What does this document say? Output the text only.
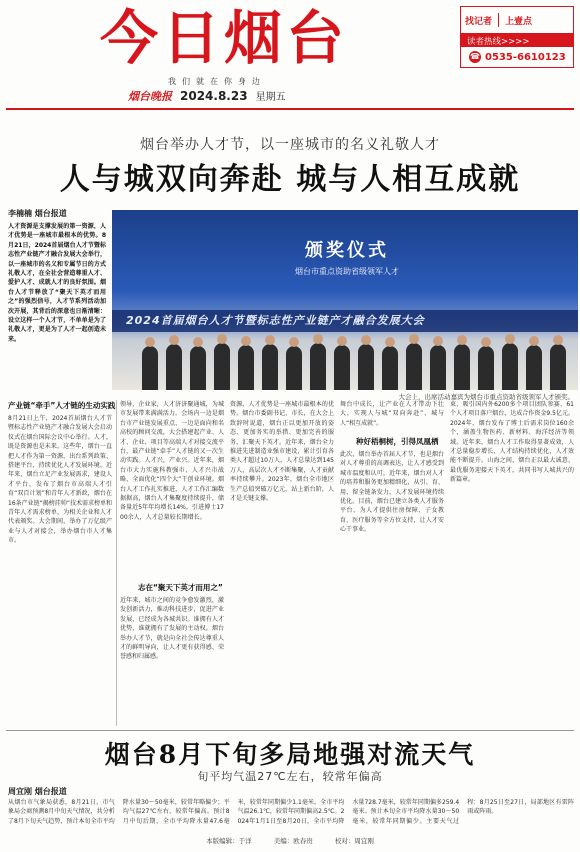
今日烟台
我们就在你身边
烟台晚报 2024.8.23 星期五
找记者 上壹点
读者热线>>>>
☎ 0535-6610123
烟台举办人才节，以一座城市的名义礼敬人才
人与城双向奔赴 城与人相互成就
李楠楠 烟台报道
人才资源是支撑发展的第一资源，人才优势是一座城市最根本的优势。8月21日，2024首届烟台人才节暨标志性产业链产才融合发展大会举行，以一座城市的名义和专属节日的方式礼敬人才，在全社会营造尊重人才、爱护人才、成就人才的良好氛围。烟台人才节释放了“聚天下英才而用之”的强烈信号，人才节系列活动加次开展，其背后的深意也日渐清晰：设立这样一个人才节，不单单是为了礼敬人才，更是为了人才一起创造未来。
颁奖仪式
烟台市重点资助省级领军人才
2024首届烟台人才节暨标志性产业链产才融合发展大会
大会上，出席活动嘉宾为烟台市重点资助省级领军人才颁奖。
产业链“牵手”人才链的生动实践
8月21日上午，2024首届烟台人才节暨标志性产业链产才融合发展大会启动仪式在烟台国际会议中心举行。人才，既是资源也是未来。这些年，烟台一直把人才作为第一资源，出台系列政策、搭建平台，持续优化人才发展环境。近年来，烟台立足产业发展需求，建设人才平台，发布了烟台市高端人才引育“双百计划”和青年人才新政，烟台在16条产业链“揭榜挂帅”技术需求榜单和青年人才需求榜单，为相关企业和人才代表颁奖。大会期间，举办了万亿级产业与人才对接会，举办烟台市人才集市。
领导，企业家，人才济济聚通城，为城市发展带来满满活力。会场内一边是烟台市产业链发展重点、一边是面向和名高校的顾问交流，大会搭建起产业、人才、企业、项目等高端人才对接交流平台，最产业链“牵手”人才链的又一次生动实践。人才兴，产业兴。近年来，烟台市大力实施科教强市、人才兴市战略，全面优化“四个大”干创业环境。烟台人才工作扎实推进，人才工作汇编数据据高，烟台人才集聚度持续提升，储备量近5年年均增长14%，引进博士1700余人，人才总量较长期增长。
志在“聚天下英才而用之”
近年来，城市之间的竞争愈发激烈，激发创新活力，推动科技进步，促进产业发展，已经成为各城共识。谁拥有人才优势，谁就拥有了发展的主动权。烟台举办人才节，就是向全社会传达尊重人才的鲜明导向，让人才更有获得感、荣誉感和归属感。
资源，人才优势是一座城市最根本的优势。烟台市委副书记、市长，在大会上致辞时说道，烟台正以更加开放的姿态、更加务实的举措、更加完善的服务，汇聚天下英才。近年来，烟台全力推进先进制造业强市建设，累计引育各类人才超过10万人，人才总量达到145万人，高层次人才不断集聚，人才贡献率持续攀升。2023年，烟台全市地区生产总值突破万亿元，站上新台阶，人才是关键支撑。
舞台中成长，让产业在人才带动下壮大，实现人与城“双向奔赴”、城与人“相互成就”。
种好梧桐树，引得凤凰栖
此次，烟台举办首届人才节，也是烟台对人才尊重的高调表达，让人才感受到城市温度和认可。近年来，烟台对人才的培养和服务更加精细化，从引、育、用、留全链条发力，人才发展环境持续优化。目前，烟台已建立各类人才服务平台，为人才提供住房保障、子女教育、医疗服务等全方位支持，让人才安心干事业。
束，吸引国内外6200多个项目团队参赛，61个人才项目落户烟台，达成合作资金9.5亿元。2024年，烟台发布了博士后需求岗位160余个，涵盖生物医药、新材料、海洋经济等领域。近年来，烟台人才工作取得显著成效，人才总量稳步增长，人才结构持续优化，人才效能不断提升。山海之间，烟台正以最大诚意、最优服务迎接天下英才，共同书写人城共兴的新篇章。
烟台8月下旬多局地强对流天气
旬平均气温27℃左右，较常年偏高
周宜刚 烟台报道
从烟台市气象局获悉，8月21日，市气象局会商预测8月中旬天气情况，共分析了8月下旬天气趋势，预计本旬全市平均降水量30～50毫米，较常年略偏少；平均气温27℃左右，较常年偏高。预计8月中旬后期，全市平均降水量47.6毫米，较常年同期偏少1.1毫米。全市平均气温26.1℃，较常年同期偏高2.5℃。2024年1月1日至8月20日，全市平均降水量728.7毫米，较常年同期偏多259.4毫米。预计本旬全市平均降水量30～50毫米，较常年同期偏少。主要天气过程：8月25日至27日，局部地区有雷阵雨或阵雨。
本版编辑：于洋	美编：欧春贵	校对：周宜刚
